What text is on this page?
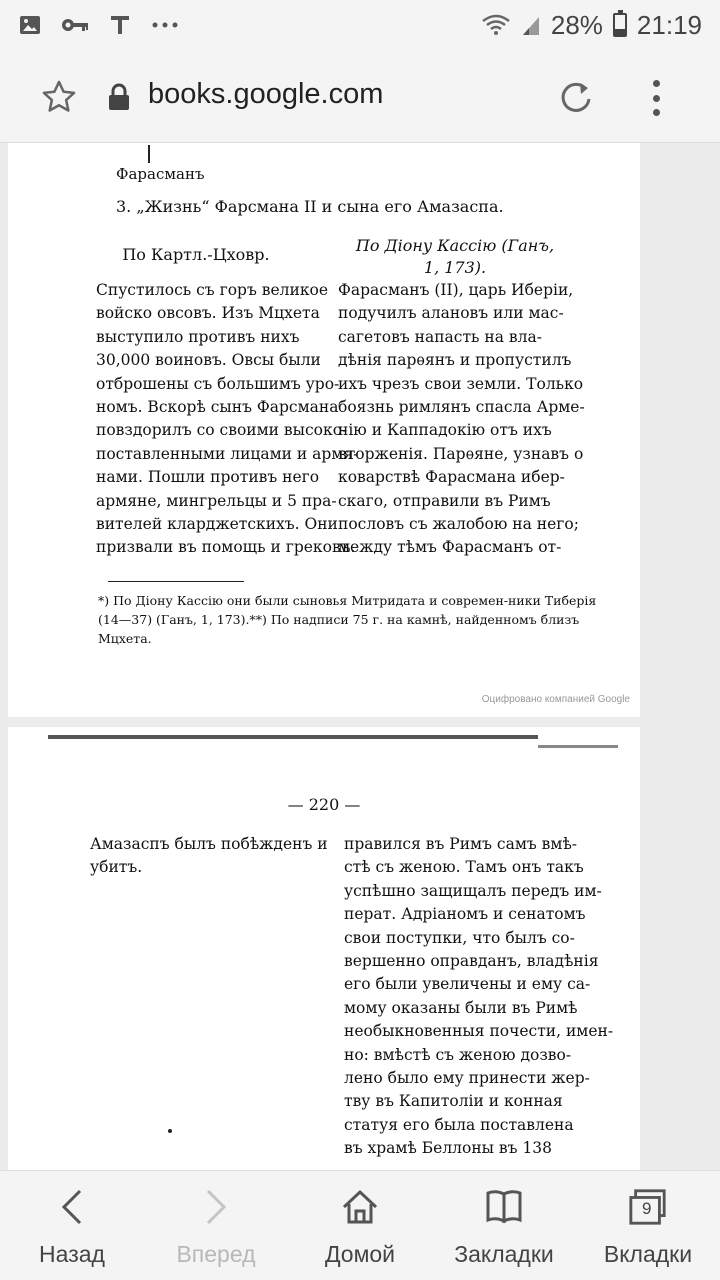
28% 21:19
books.google.com
Фарасманъ
3. „Жизнь“ Фарсмана II и сына его Амазаспа.
По Картл.-Цховр.	По Діону Кассію (Ганъ,
1, 173).
Спустилось съ горъ великое
войско овсовъ. Изъ Мцхета
выступило противъ нихъ
30,000 воиновъ. Овсы были
отброшены съ большимъ уро-
номъ. Вскорѣ сынъ Фарсмана
повздорилъ со своими высоко-
поставленными лицами и армя-
нами. Пошли противъ него
армяне, мингрельцы и 5 пра-
вителей кларджетскихъ. Они
призвали въ помощь и грековъ.
Фарасманъ (II), царь Иберіи,
подучилъ алановъ или мас-
сагетовъ напасть на вла-
дѣнія парѳянъ и пропустилъ
ихъ чрезъ свои земли. Только
боязнь римлянъ спасла Арме-
нію и Каппадокію отъ ихъ
вторженія. Парѳяне, узнавъ о
коварствѣ Фарасмана ибер-
скаго, отправили въ Римъ
пословъ съ жалобою на него;
между тѣмъ Фарасманъ от-
*) По Діону Кассію они были сыновья Митридата и современ-ники Тиберія (14—37) (Ганъ, 1, 173).**) По надписи 75 г. на камнѣ, найденномъ близъ Мцхета.
Оцифровано компанией Google
— 220 —
Амазаспъ былъ побѣжденъ и
убитъ.
правился въ Римъ самъ вмѣ-
стѣ съ женою. Тамъ онъ такъ
успѣшно защищалъ передъ им-
перат. Адріаномъ и сенатомъ
свои поступки, что былъ со-
вершенно оправданъ, владѣнія
его были увеличены и ему са-
мому оказаны были въ Римѣ
необыкновенныя почести, имен-
но: вмѣстѣ съ женою дозво-
лено было ему принести жер-
тву въ Капитоліи и конная
статуя его была поставлена
въ храмѣ Беллоны въ 138
Назад	Вперед	Домой	Закладки
9
Вкладки
